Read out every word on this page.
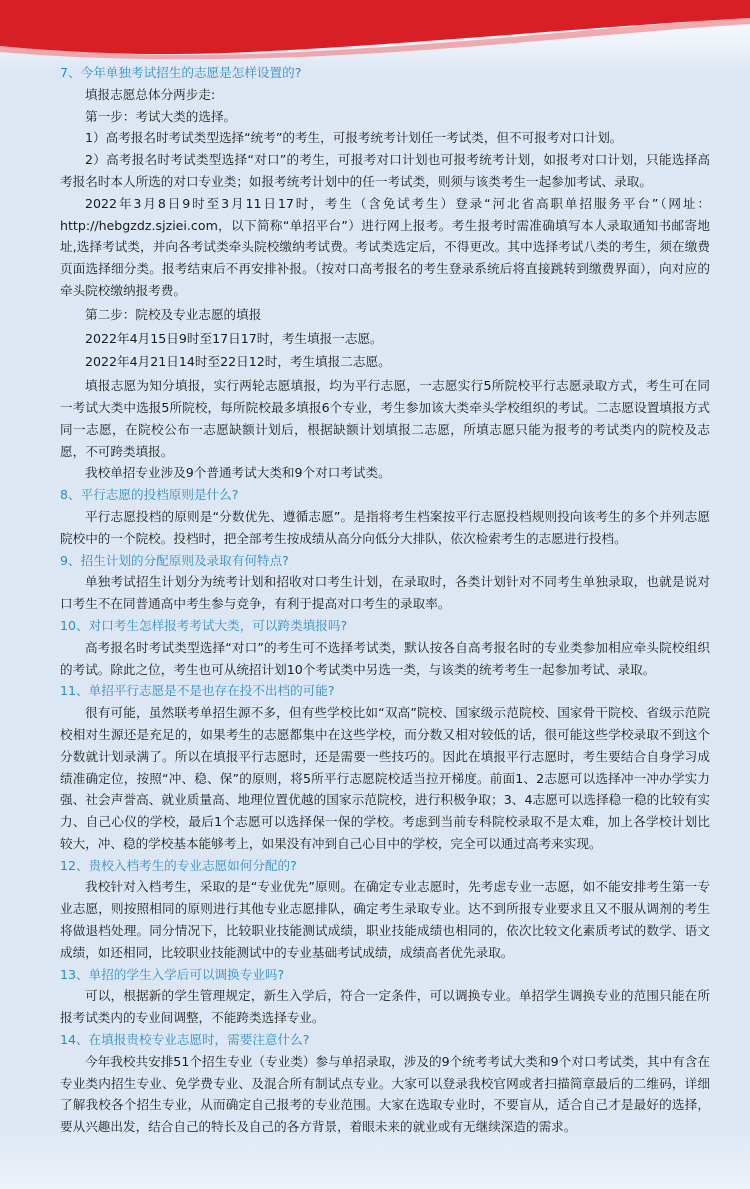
7、今年单独考试招生的志愿是怎样设置的?

填报志愿总体分两步走:

第一步：考试大类的选择。

1）高考报名时考试类型选择“统考”的考生，可报考统考计划任一考试类，但不可报考对口计划。

2）高考报名时考试类型选择“对口”的考生，可报考对口计划也可报考统考计划，如报考对口计划，只能选择高考报名时本人所选的对口专业类；如报考统考计划中的任一考试类，则须与该类考生一起参加考试、录取。

2022年3月8日9时至3月11日17时，考生（含免试考生）登录“河北省高职单招服务平台”（网址：http://hebgzdz.sjziei.com，以下简称“单招平台”）进行网上报考。考生报考时需准确填写本人录取通知书邮寄地址,选择考试类，并向各考试类牵头院校缴纳考试费。考试类选定后，不得更改。其中选择考试八类的考生，须在缴费页面选择细分类。报考结束后不再安排补报。（按对口高考报名的考生登录系统后将直接跳转到缴费界面），向对应的牵头院校缴纳报考费。

第二步：院校及专业志愿的填报

2022年4月15日9时至17日17时，考生填报一志愿。

2022年4月21日14时至22日12时，考生填报二志愿。

填报志愿为知分填报，实行两轮志愿填报，均为平行志愿，一志愿实行5所院校平行志愿录取方式，考生可在同一考试大类中选报5所院校，每所院校最多填报6个专业，考生参加该大类牵头学校组织的考试。二志愿设置填报方式同一志愿，在院校公布一志愿缺额计划后，根据缺额计划填报二志愿，所填志愿只能为报考的考试类内的院校及志愿，不可跨类填报。

我校单招专业涉及9个普通考试大类和9个对口考试类。

8、平行志愿的投档原则是什么?

平行志愿投档的原则是“分数优先、遵循志愿”。是指将考生档案按平行志愿投档规则投向该考生的多个并列志愿院校中的一个院校。投档时，把全部考生按成绩从高分向低分大排队，依次检索考生的志愿进行投档。

9、招生计划的分配原则及录取有何特点?

单独考试招生计划分为统考计划和招收对口考生计划，在录取时，各类计划针对不同考生单独录取，也就是说对口考生不在同普通高中考生参与竞争，有利于提高对口考生的录取率。

10、对口考生怎样报考考试大类，可以跨类填报吗?

高考报名时考试类型选择“对口”的考生可不选择考试类，默认按各自高考报名时的专业类参加相应牵头院校组织的考试。除此之位，考生也可从统招计划10个考试类中另选一类，与该类的统考考生一起参加考试、录取。

11、单招平行志愿是不是也存在投不出档的可能?

很有可能，虽然联考单招生源不多，但有些学校比如“双高”院校、国家级示范院校、国家骨干院校、省级示范院校相对生源还是充足的，如果考生的志愿都集中在这些学校，而分数又相对较低的话，很可能这些学校录取不到这个分数就计划录满了。所以在填报平行志愿时，还是需要一些技巧的。因此在填报平行志愿时，考生要结合自身学习成绩准确定位，按照“冲、稳、保”的原则，将5所平行志愿院校适当拉开梯度。前面1、2志愿可以选择冲一冲办学实力强、社会声誉高、就业质量高、地理位置优越的国家示范院校，进行积极争取；3、4志愿可以选择稳一稳的比较有实力、自己心仪的学校，最后1个志愿可以选择保一保的学校。考虑到当前专科院校录取不是太难，加上各学校计划比较大，冲、稳的学校基本能够考上，如果没有冲到自己心目中的学校，完全可以通过高考来实现。

12、贵校入档考生的专业志愿如何分配的?

我校针对入档考生，采取的是“专业优先”原则。在确定专业志愿时，先考虑专业一志愿，如不能安排考生第一专业志愿，则按照相同的原则进行其他专业志愿排队，确定考生录取专业。达不到所报专业要求且又不服从调剂的考生将做退档处理。同分情况下，比较职业技能测试成绩，职业技能成绩也相同的，依次比较文化素质考试的数学、语文成绩，如还相同，比较职业技能测试中的专业基础考试成绩，成绩高者优先录取。

13、单招的学生入学后可以调换专业吗?

可以，根据新的学生管理规定，新生入学后，符合一定条件，可以调换专业。单招学生调换专业的范围只能在所报考试类内的专业间调整，不能跨类选择专业。

14、在填报贵校专业志愿时，需要注意什么?

今年我校共安排51个招生专业（专业类）参与单招录取，涉及的9个统考考试大类和9个对口考试类，其中有含在专业类内招生专业、免学费专业、及混合所有制试点专业。大家可以登录我校官网或者扫描简章最后的二维码，详细了解我校各个招生专业，从而确定自己报考的专业范围。大家在选取专业时，不要盲从，适合自己才是最好的选择，要从兴趣出发，结合自己的特长及自己的各方背景，着眼未来的就业或有无继续深造的需求。
